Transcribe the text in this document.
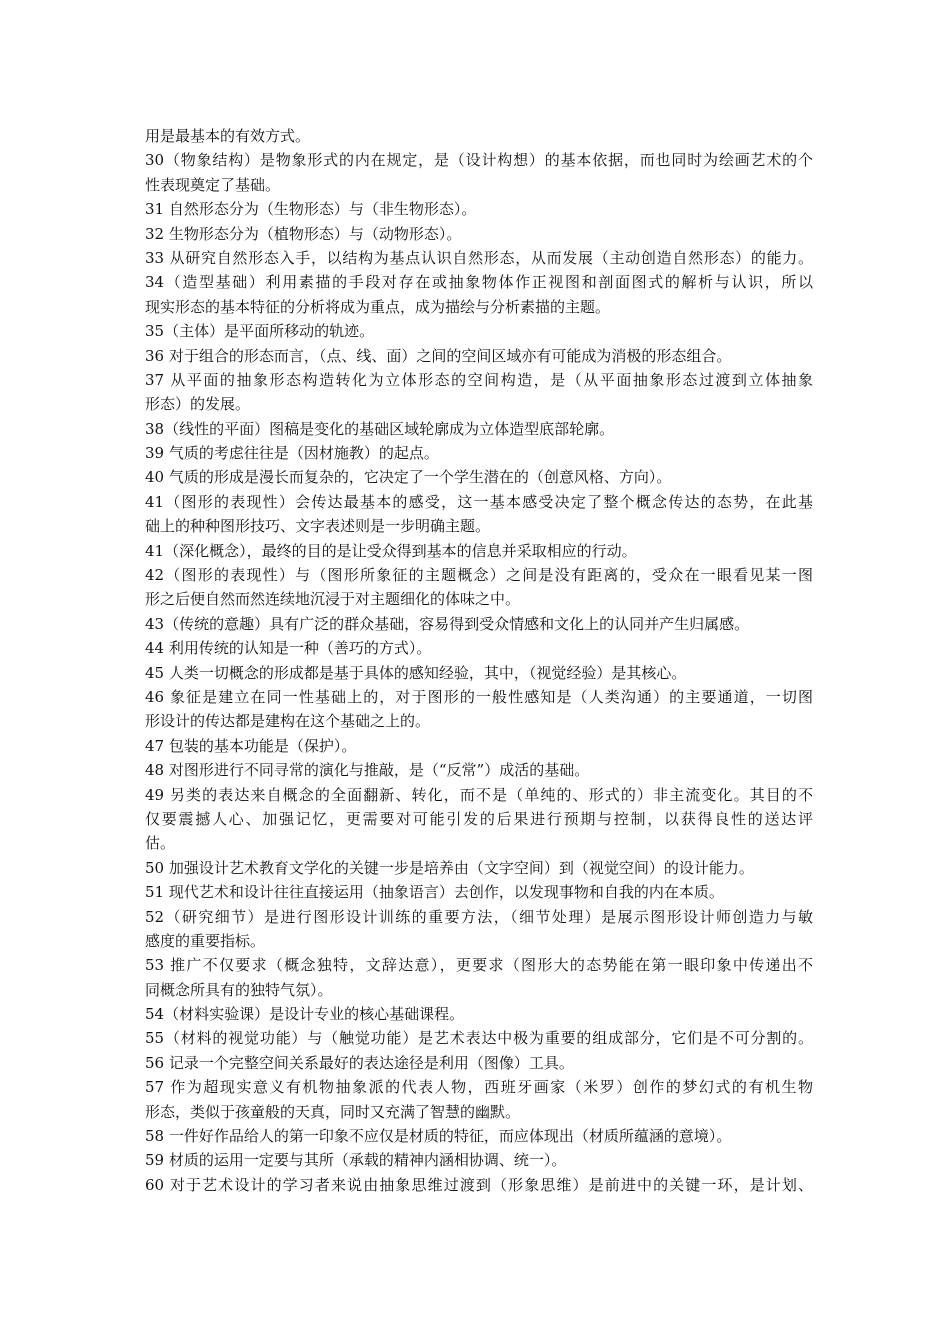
用是最基本的有效方式。
30（物象结构）是物象形式的内在规定，是（设计构想）的基本依据，而也同时为绘画艺术的个
性表现奠定了基础。
31 自然形态分为（生物形态）与（非生物形态）。
32 生物形态分为（植物形态）与（动物形态）。
33 从研究自然形态入手，以结构为基点认识自然形态，从而发展（主动创造自然形态）的能力。
34（造型基础）利用素描的手段对存在或抽象物体作正视图和剖面图式的解析与认识，所以
现实形态的基本特征的分析将成为重点，成为描绘与分析素描的主题。
35（主体）是平面所移动的轨迹。
36 对于组合的形态而言，（点、线、面）之间的空间区域亦有可能成为消极的形态组合。
37 从平面的抽象形态构造转化为立体形态的空间构造，是（从平面抽象形态过渡到立体抽象
形态）的发展。
38（线性的平面）图稿是变化的基础区域轮廓成为立体造型底部轮廓。
39 气质的考虑往往是（因材施教）的起点。
40 气质的形成是漫长而复杂的，它决定了一个学生潜在的（创意风格、方向）。
41（图形的表现性）会传达最基本的感受，这一基本感受决定了整个概念传达的态势，在此基
础上的种种图形技巧、文字表述则是一步明确主题。
41（深化概念），最终的目的是让受众得到基本的信息并采取相应的行动。
42（图形的表现性）与（图形所象征的主题概念）之间是没有距离的，受众在一眼看见某一图
形之后便自然而然连续地沉浸于对主题细化的体味之中。
43（传统的意趣）具有广泛的群众基础，容易得到受众情感和文化上的认同并产生归属感。
44 利用传统的认知是一种（善巧的方式）。
45 人类一切概念的形成都是基于具体的感知经验，其中，（视觉经验）是其核心。
46 象征是建立在同一性基础上的，对于图形的一般性感知是（人类沟通）的主要通道，一切图
形设计的传达都是建构在这个基础之上的。
47 包装的基本功能是（保护）。
48 对图形进行不同寻常的演化与推敲，是（“反常”）成活的基础。
49 另类的表达来自概念的全面翻新、转化，而不是（单纯的、形式的）非主流变化。其目的不
仅要震撼人心、加强记忆，更需要对可能引发的后果进行预期与控制，以获得良性的送达评
估。
50 加强设计艺术教育文学化的关键一步是培养由（文字空间）到（视觉空间）的设计能力。
51 现代艺术和设计往往直接运用（抽象语言）去创作，以发现事物和自我的内在本质。
52（研究细节）是进行图形设计训练的重要方法，（细节处理）是展示图形设计师创造力与敏
感度的重要指标。
53 推广不仅要求（概念独特，文辞达意），更要求（图形大的态势能在第一眼印象中传递出不
同概念所具有的独特气氛）。
54（材料实验课）是设计专业的核心基础课程。
55（材料的视觉功能）与（触觉功能）是艺术表达中极为重要的组成部分，它们是不可分割的。
56 记录一个完整空间关系最好的表达途径是利用（图像）工具。
57 作为超现实意义有机物抽象派的代表人物，西班牙画家（米罗）创作的梦幻式的有机生物
形态，类似于孩童般的天真，同时又充满了智慧的幽默。
58 一件好作品给人的第一印象不应仅是材质的特征，而应体现出（材质所蕴涵的意境）。
59 材质的运用一定要与其所（承载的精神内涵相协调、统一）。
60 对于艺术设计的学习者来说由抽象思维过渡到（形象思维）是前进中的关键一环，是计划、
